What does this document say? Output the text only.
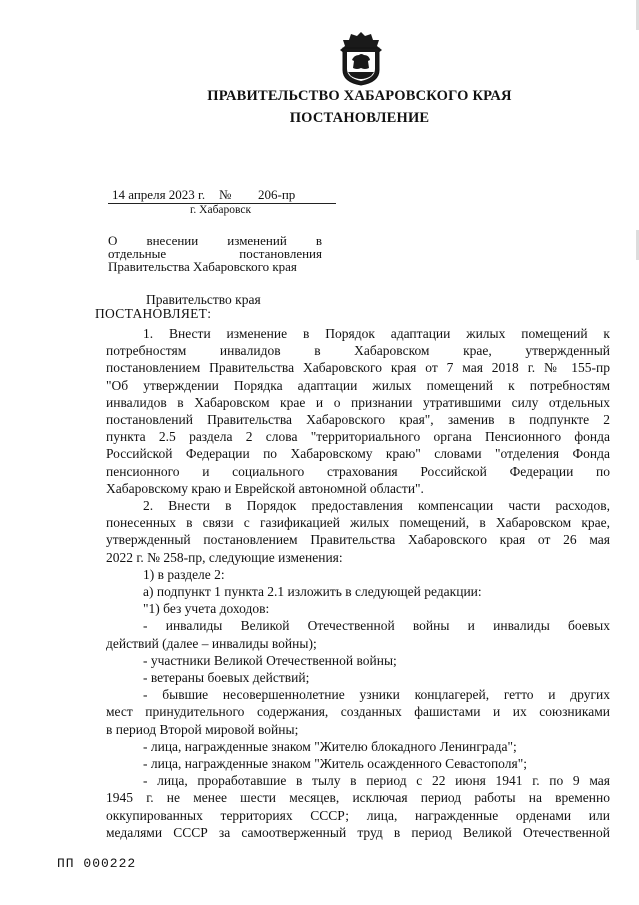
ПРАВИТЕЛЬСТВО ХАБАРОВСКОГО КРАЯ
ПОСТАНОВЛЕНИЕ
14 апреля 2023 г. № 206-пр
г. Хабаровск
О внесении изменений в
отдельные постановления
Правительства Хабаровского края
Правительство края
ПОСТАНОВЛЯЕТ:

1. Внести изменение в Порядок адаптации жилых помещений к

потребностям инвалидов в Хабаровском крае, утвержденный

постановлением Правительства Хабаровского края от 7 мая 2018 г. № 155-пр

"Об утверждении Порядка адаптации жилых помещений к потребностям

инвалидов в Хабаровском крае и о признании утратившими силу отдельных

постановлений Правительства Хабаровского края", заменив в подпункте 2

пункта 2.5 раздела 2 слова "территориального органа Пенсионного фонда

Российской Федерации по Хабаровскому краю" словами "отделения Фонда

пенсионного и социального страхования Российской Федерации по

Хабаровскому краю и Еврейской автономной области".

2. Внести в Порядок предоставления компенсации части расходов,

понесенных в связи с газификацией жилых помещений, в Хабаровском крае,

утвержденный постановлением Правительства Хабаровского края от 26 мая

2022 г. № 258-пр, следующие изменения:

1) в разделе 2:

а) подпункт 1 пункта 2.1 изложить в следующей редакции:

"1) без учета доходов:

- инвалиды Великой Отечественной войны и инвалиды боевых

действий (далее – инвалиды войны);

- участники Великой Отечественной войны;

- ветераны боевых действий;

- бывшие несовершеннолетние узники концлагерей, гетто и других

мест принудительного содержания, созданных фашистами и их союзниками

в период Второй мировой войны;

- лица, награжденные знаком "Жителю блокадного Ленинграда";

- лица, награжденные знаком "Житель осажденного Севастополя";

- лица, проработавшие в тылу в период с 22 июня 1941 г. по 9 мая

1945 г. не менее шести месяцев, исключая период работы на временно

оккупированных территориях СССР; лица, награжденные орденами или

медалями СССР за самоотверженный труд в период Великой Отечественной

ПП 000222
